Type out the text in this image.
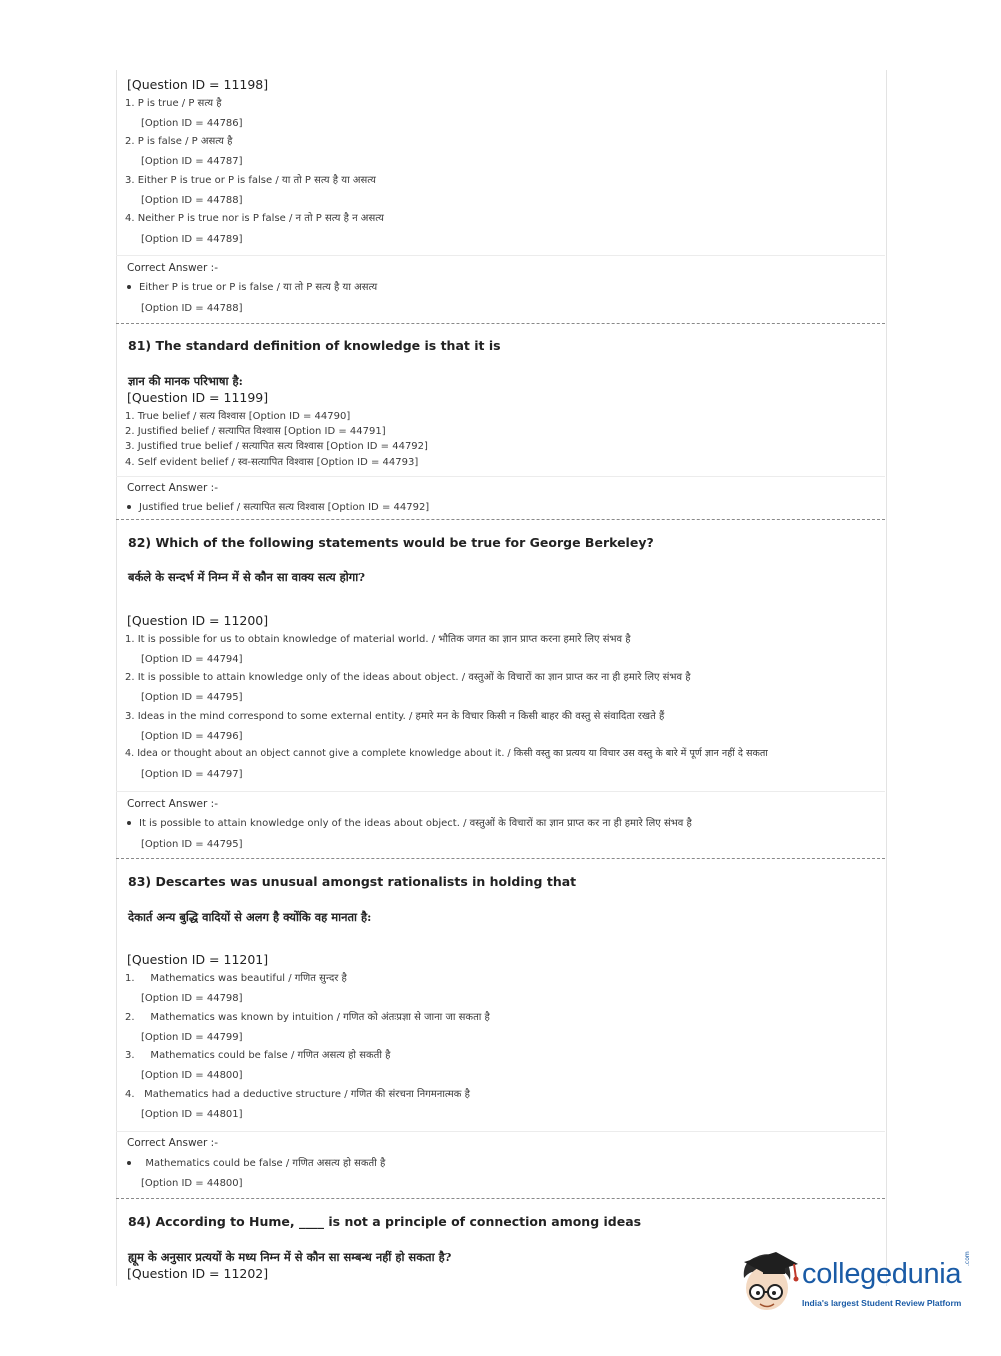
[Question ID = 11198]
1. P is true / P सत्य है
[Option ID = 44786]
2. P is false / P असत्य है
[Option ID = 44787]
3. Either P is true or P is false / या तो P सत्य है या असत्य
[Option ID = 44788]
4. Neither P is true nor is P false / न तो P सत्य है न असत्य
[Option ID = 44789]
Correct Answer :-
Either P is true or P is false / या तो P सत्य है या असत्य
[Option ID = 44788]
81) The standard definition of knowledge is that it is
ज्ञान की मानक परिभाषा है:
[Question ID = 11199]
1. True belief / सत्य विश्वास [Option ID = 44790]
2. Justified belief / सत्यापित विश्वास [Option ID = 44791]
3. Justified true belief / सत्यापित सत्य विश्वास [Option ID = 44792]
4. Self evident belief / स्व-सत्यापित विश्वास [Option ID = 44793]
Correct Answer :-
Justified true belief / सत्यापित सत्य विश्वास [Option ID = 44792]
82) Which of the following statements would be true for George Berkeley?
बर्कले के सन्दर्भ में निम्न में से कौन सा वाक्य सत्य होगा?
[Question ID = 11200]
1. It is possible for us to obtain knowledge of material world. / भौतिक जगत का ज्ञान प्राप्त करना हमारे लिए संभव है
[Option ID = 44794]
2. It is possible to attain knowledge only of the ideas about object. / वस्तुओं के विचारों का ज्ञान प्राप्त कर ना ही हमारे लिए संभव है
[Option ID = 44795]
3. Ideas in the mind correspond to some external entity. / हमारे मन के विचार किसी न किसी बाहर की वस्तु से संवादिता रखते हैं
[Option ID = 44796]
4. Idea or thought about an object cannot give a complete knowledge about it. / किसी वस्तु का प्रत्यय या विचार उस वस्तु के बारे में पूर्ण ज्ञान नहीं दे सकता
[Option ID = 44797]
Correct Answer :-
It is possible to attain knowledge only of the ideas about object. / वस्तुओं के विचारों का ज्ञान प्राप्त कर ना ही हमारे लिए संभव है
[Option ID = 44795]
83) Descartes was unusual amongst rationalists in holding that
देकार्त अन्य बुद्धि वादियों से अलग है क्योंकि वह मानता है:
[Question ID = 11201]
1.     Mathematics was beautiful / गणित सुन्दर है
[Option ID = 44798]
2.     Mathematics was known by intuition / गणित को अंतःप्रज्ञा से जाना जा सकता है
[Option ID = 44799]
3.     Mathematics could be false / गणित असत्य हो सकती है
[Option ID = 44800]
4.   Mathematics had a deductive structure / गणित की संरचना निगमनात्मक है
[Option ID = 44801]
Correct Answer :-
Mathematics could be false / गणित असत्य हो सकती है
[Option ID = 44800]
84) According to Hume, ____ is not a principle of connection among ideas
ह्यूम के अनुसार प्रत्ययों के मध्य निम्न में से कौन सा सम्बन्ध नहीं हो सकता है?
[Question ID = 11202]	collegedunia .com
India's largest Student Review Platform
